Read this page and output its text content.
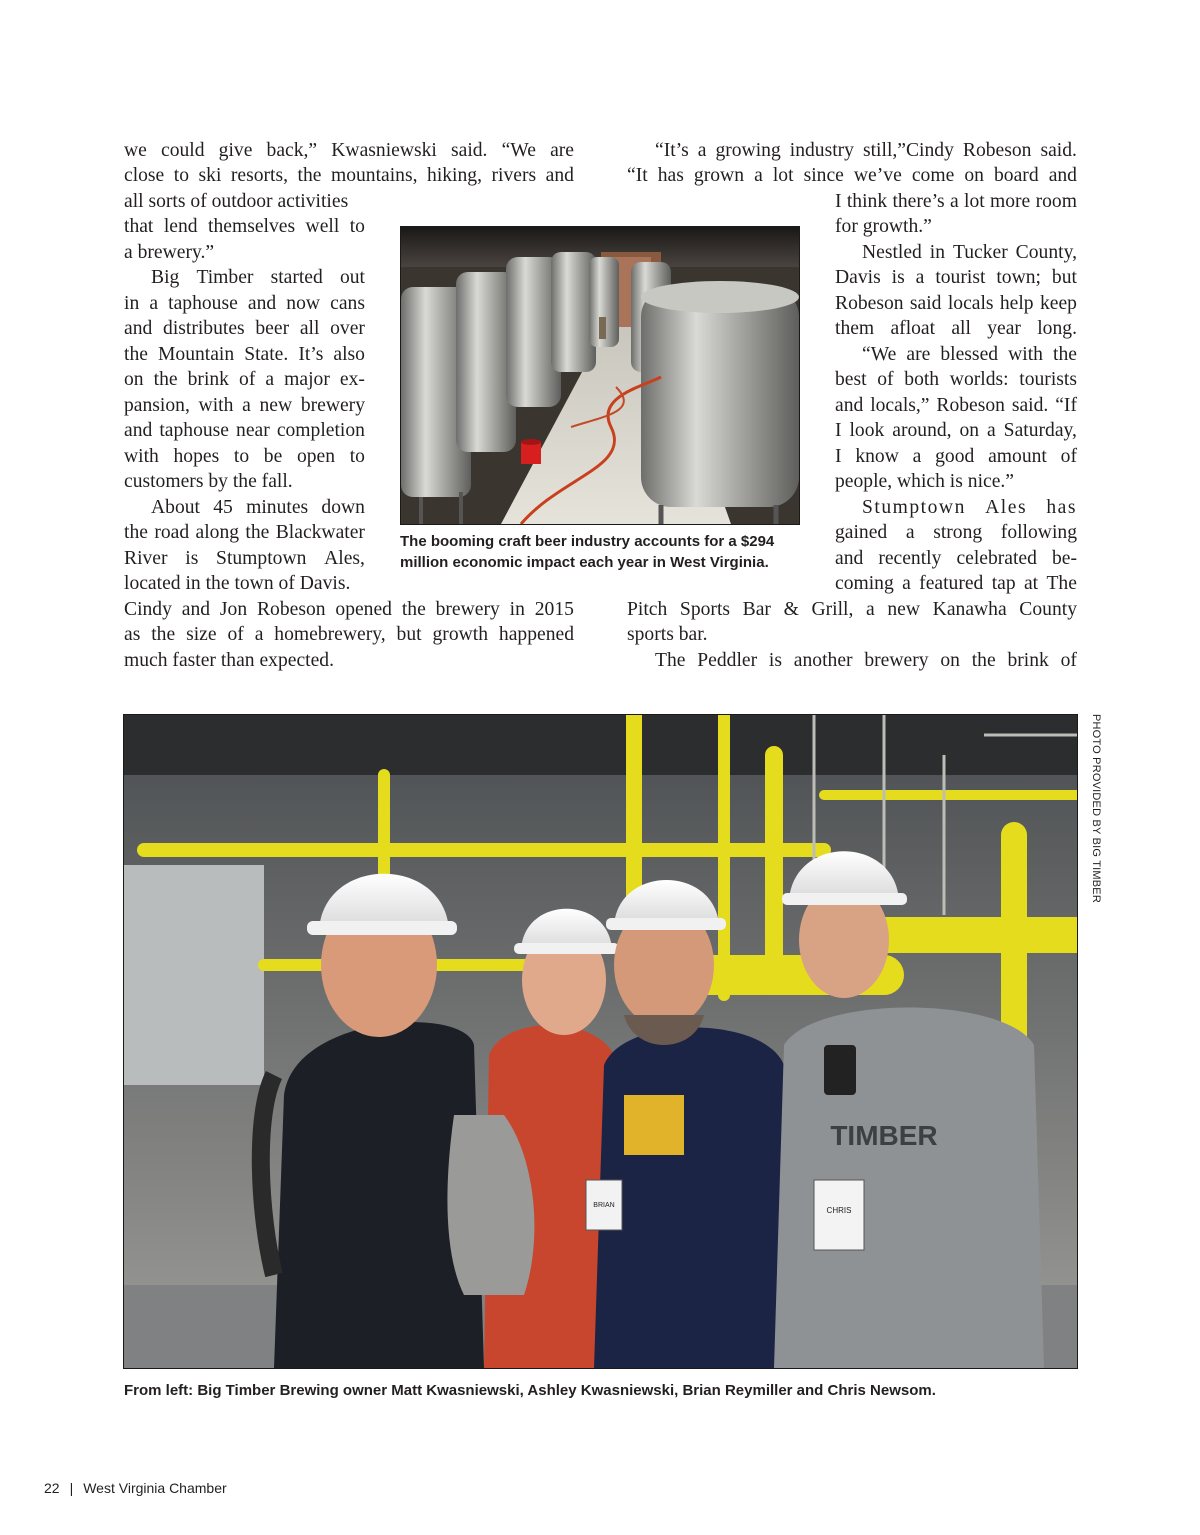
we could give back,” Kwasniewski said. “We are
close to ski resorts, the mountains, hiking, rivers and
all sorts of outdoor activities
that lend themselves well to
a brewery.”
Big Timber started out
in a taphouse and now cans
and distributes beer all over
the Mountain State. It’s also
on the brink of a major ex-
pansion, with a new brewery
and taphouse near completion
with hopes to be open to
customers by the fall.
About 45 minutes down
the road along the Blackwater
River is Stumptown Ales,
located in the town of Davis.
Cindy and Jon Robeson opened the brewery in 2015
as the size of a homebrewery, but growth happened
much faster than expected.
“It’s a growing industry still,”Cindy Robeson said.
“It has grown a lot since we’ve come on board and
I think there’s a lot more room
for growth.”
Nestled in Tucker County,
Davis is a tourist town; but
Robeson said locals help keep
them afloat all year long.
“We are blessed with the
best of both worlds: tourists
and locals,” Robeson said. “If
I look around, on a Saturday,
I know a good amount of
people, which is nice.”
Stumptown Ales has
gained a strong following
and recently celebrated be-
coming a featured tap at The
Pitch Sports Bar & Grill, a new Kanawha County
sports bar.
The Peddler is another brewery on the brink of
The booming craft beer industry accounts for a $294 million economic impact each year in West Virginia.
BRIAN
TIMBER
CHRIS
PHOTO PROVIDED BY BIG TIMBER
From left: Big Timber Brewing owner Matt Kwasniewski, Ashley Kwasniewski, Brian Reymiller and Chris Newsom.
22 | West Virginia Chamber
